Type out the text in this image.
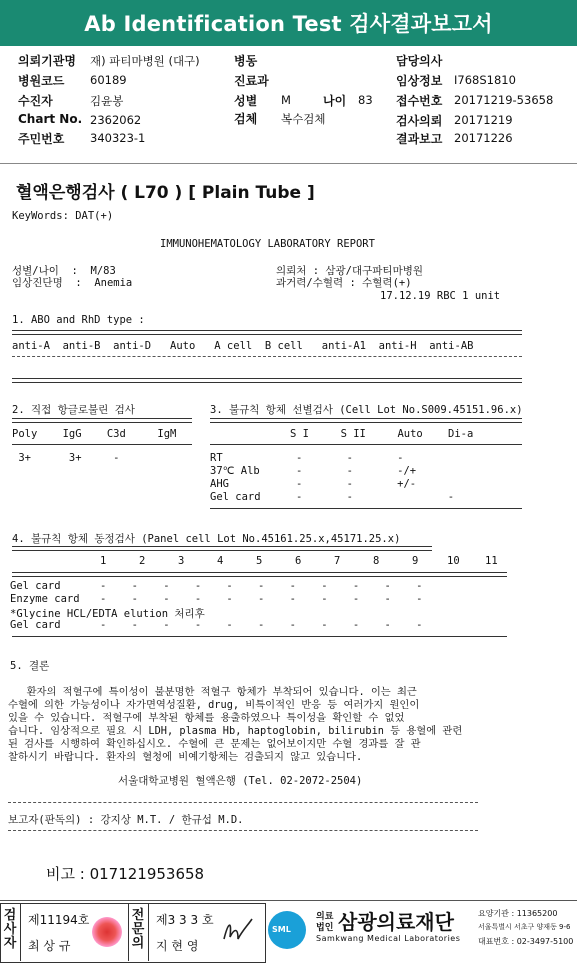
Ab Identification Test 검사결과보고서
의뢰기관명 재) 파티마병원 (대구)
병원코드 60189
수진자	김윤봉
Chart No. 2362062
주민번호 340323-1
병동
진료과
성별 M	나이 83
검체 복수검체
담당의사
임상정보 I768S1810
접수번호 20171219-53658
검사의뢰 20171219
결과보고 20171226
혈액은행검사 ( L70 ) [ Plain Tube ]
KeyWords: DAT(+)
IMMUNOHEMATOLOGY LABORATORY REPORT
성별/나이  :  M/83
임상진단명  :  Anemia
의뢰처 : 삼광/대구파티마병원
과거력/수혈력 : 수혈력(+)
17.12.19 RBC 1 unit
1. ABO and RhD type :
anti-A  anti-B  anti-D   Auto   A cell  B cell   anti-A1  anti-H  anti-AB
2. 직접 항글로불린 검사
Poly    IgG    C3d     IgM
3+      3+     -
3. 불규칙 항체 선별검사 (Cell Lot No.S009.45151.96.x)
S I     S II     Auto    Di-a
RT	-       -       -
37℃ Alb	-       -       -/+
AHG	-       -       +/-
Gel card	-       -               -
4. 불규칙 항체 동정검사 (Panel cell Lot No.45161.25.x,45171.25.x)
1	2	3	4	5	6	7	8	9	10 11
Gel card	-    -    -    -    -    -    -    -    -    -    -
Enzyme card -    -    -    -    -    -    -    -    -    -    -
*Glycine HCL/EDTA elution 처리후
Gel card	-    -    -    -    -    -    -    -    -    -    -
5. 결론
환자의 적혈구에 특이성이 불분명한 적혈구 항체가 부착되어 있습니다. 이는 최근
수혈에 의한 가능성이나 자가면역성질환, drug, 비특이적인 반응 등 여러가지 원인이
있을 수 있습니다. 적혈구에 부착된 항체를 용출하였으나 특이성을 확인할 수 없었
습니다. 임상적으로 필요 시 LDH, plasma Hb, haptoglobin, bilirubin 등 용혈에 관련
된 검사를 시행하여 확인하십시오. 수혈에 큰 문제는 없어보이지만 수혈 경과를 잘 관
찰하시기 바랍니다. 환자의 혈청에 비예기항체는 검출되지 않고 있습니다.
서울대학교병원 혈액은행 (Tel. 02-2072-2504)
보고자(판독의) : 강지상 M.T. / 한규섭 M.D.
비고 : 017121953658
검
사
자
제11194호
최 상 규
전
문
의
제3 3 3 호
지 현 영
SML
의료
법인 삼광의료재단
Samkwang Medical Laboratories
요양기관 : 11365200
서울특별시 서초구 양재동 9-6
대표번호 : 02-3497-5100
